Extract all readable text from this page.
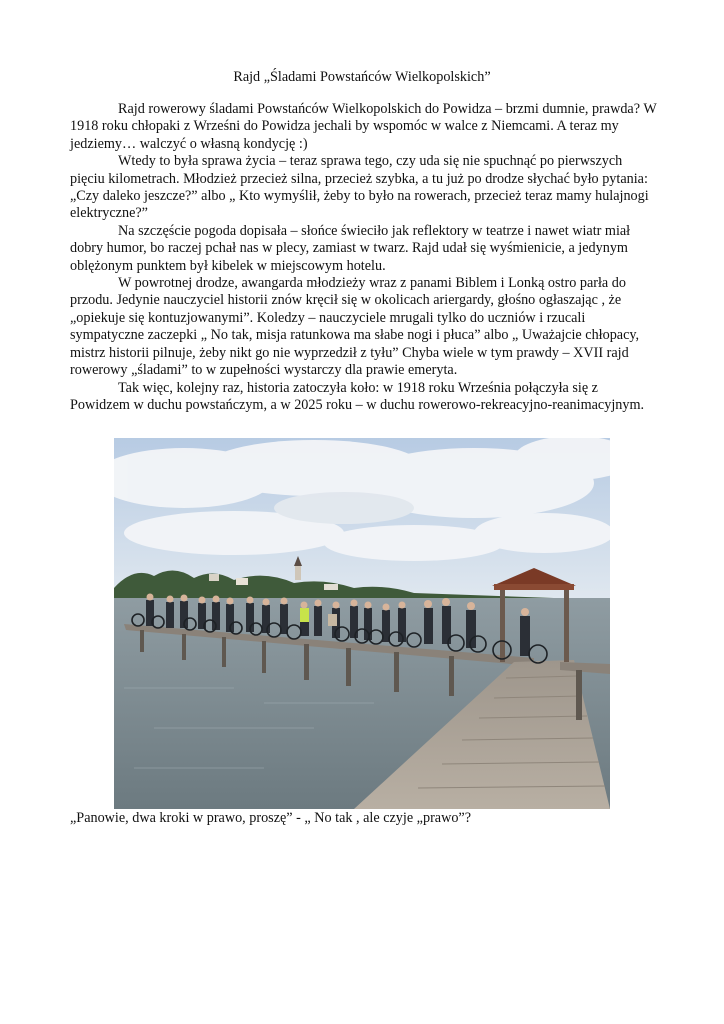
Rajd „Śladami Powstańców Wielkopolskich”

Rajd rowerowy śladami Powstańców Wielkopolskich do Powidza – brzmi dumnie, prawda? W 1918 roku chłopaki z Wrześni do Powidza jechali by wspomóc w walce z Niemcami. A teraz my jedziemy… walczyć o własną kondycję :)

Wtedy to była sprawa życia – teraz sprawa tego, czy uda się nie spuchnąć po pierwszych pięciu kilometrach. Młodzież przecież silna, przecież szybka, a tu już po drodze słychać było pytania: „Czy daleko jeszcze?” albo „ Kto wymyślił, żeby to było na rowerach, przecież teraz mamy hulajnogi elektryczne?”

Na szczęście pogoda dopisała – słońce świeciło jak reflektory w teatrze i nawet wiatr miał dobry humor, bo raczej pchał nas w plecy, zamiast w twarz. Rajd udał się wyśmienicie, a jedynym oblężonym punktem był kibelek w miejscowym hotelu.

W powrotnej drodze, awangarda młodzieży wraz z panami Biblem i Lonką ostro parła do przodu. Jedynie nauczyciel historii znów kręcił się w okolicach ariergardy, głośno ogłaszając , że „opiekuje się kontuzjowanymi”. Koledzy – nauczyciele mrugali tylko do uczniów i rzucali sympatyczne zaczepki „ No tak, misja ratunkowa ma słabe nogi i płuca” albo „ Uważajcie chłopacy, mistrz historii pilnuje, żeby nikt go nie wyprzedził z tyłu” Chyba wiele w tym prawdy – XVII rajd rowerowy „śladami” to w zupełności wystarczy dla prawie emeryta.

Tak więc, kolejny raz, historia zatoczyła koło: w 1918 roku Września połączyła się z Powidzem w duchu powstańczym, a w 2025 roku – w duchu rowerowo-rekreacyjno-reanimacyjnym.

„Panowie, dwa kroki w prawo, proszę” - „ No tak , ale czyje „prawo”?
